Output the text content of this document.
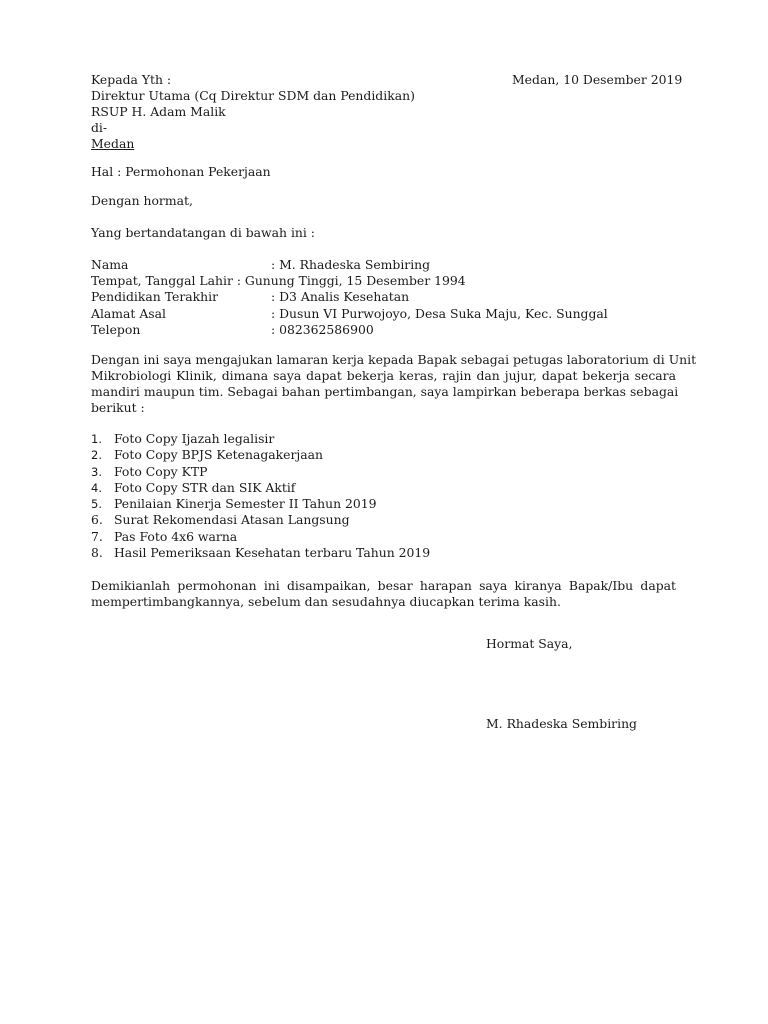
Kepada Yth :
Direktur Utama (Cq Direktur SDM dan Pendidikan)
RSUP H. Adam Malik
di-
Medan
Medan, 10 Desember 2019
Hal : Permohonan Pekerjaan
Dengan hormat,
Yang bertandatangan di bawah ini :
Nama	: M. Rhadeska Sembiring
Tempat, Tanggal Lahir : Gunung Tinggi, 15 Desember 1994
Pendidikan Terakhir	: D3 Analis Kesehatan
Alamat Asal	: Dusun VI Purwojoyo, Desa Suka Maju, Kec. Sunggal
Telepon	: 082362586900
Dengan ini saya mengajukan lamaran kerja kepada Bapak sebagai petugas laboratorium di Unit
Mikrobiologi Klinik, dimana saya dapat bekerja keras, rajin dan jujur, dapat bekerja secara
mandiri maupun tim. Sebagai bahan pertimbangan, saya lampirkan beberapa berkas sebagai
berikut :
1. Foto Copy Ijazah legalisir
2. Foto Copy BPJS Ketenagakerjaan
3. Foto Copy KTP
4. Foto Copy STR dan SIK Aktif
5. Penilaian Kinerja Semester II Tahun 2019
6. Surat Rekomendasi Atasan Langsung
7. Pas Foto 4x6 warna
8. Hasil Pemeriksaan Kesehatan terbaru Tahun 2019
Demikianlah permohonan ini disampaikan, besar harapan saya kiranya Bapak/Ibu dapat
mempertimbangkannya, sebelum dan sesudahnya diucapkan terima kasih.
Hormat Saya,
M. Rhadeska Sembiring
